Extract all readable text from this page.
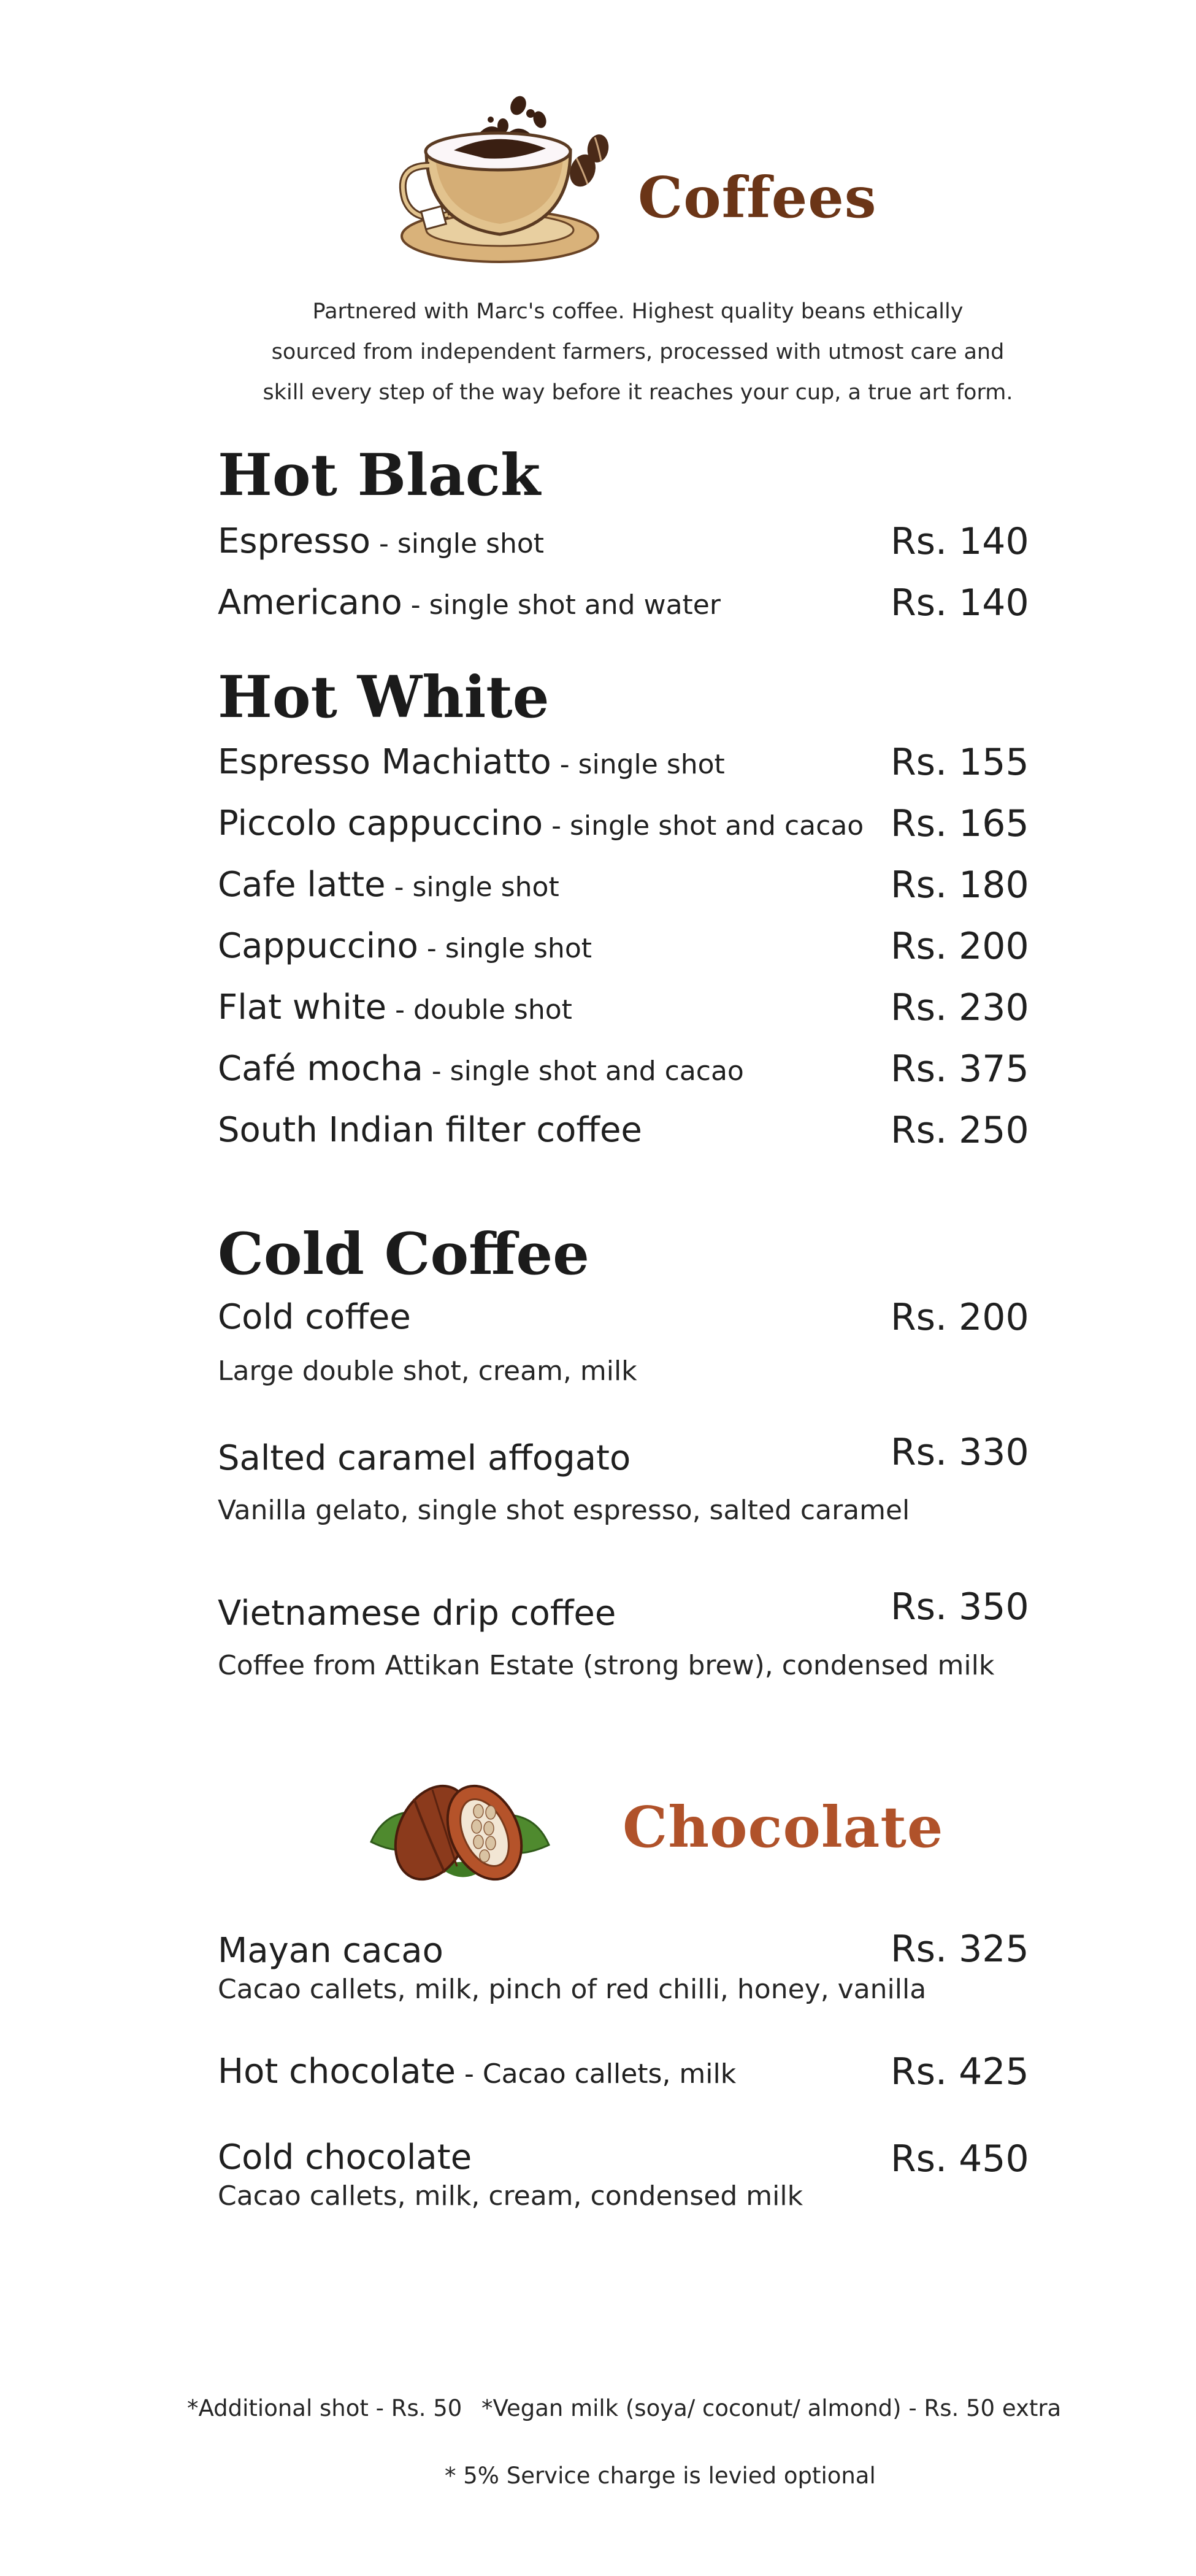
Coffees
Partnered with Marc's coffee. Highest quality beans ethically
sourced from independent farmers, processed with utmost care and
skill every step of the way before it reaches your cup, a true art form.
Hot Black
Espresso - single shot	Rs. 140
Americano - single shot and water	Rs. 140
Hot White
Espresso Machiatto - single shot	Rs. 155
Piccolo cappuccino - single shot and cacao Rs. 165
Cafe latte - single shot	Rs. 180
Cappuccino - single shot	Rs. 200
Flat white - double shot	Rs. 230
Café mocha - single shot and cacao	Rs. 375
South Indian filter coffee	Rs. 250
Cold Coffee
Cold coffee	Rs. 200
Large double shot, cream, milk
Salted caramel affogato	Rs. 330
Vanilla gelato, single shot espresso, salted caramel
Vietnamese drip coffee	Rs. 350
Coffee from Attikan Estate (strong brew), condensed milk
Chocolate
Mayan cacao	Rs. 325
Cacao callets, milk, pinch of red chilli, honey, vanilla
Hot chocolate - Cacao callets, milk	Rs. 425
Cold chocolate	Rs. 450
Cacao callets, milk, cream, condensed milk
*Additional shot - Rs. 50 *Vegan milk (soya/ coconut/ almond) - Rs. 50 extra
* 5% Service charge is levied optional
